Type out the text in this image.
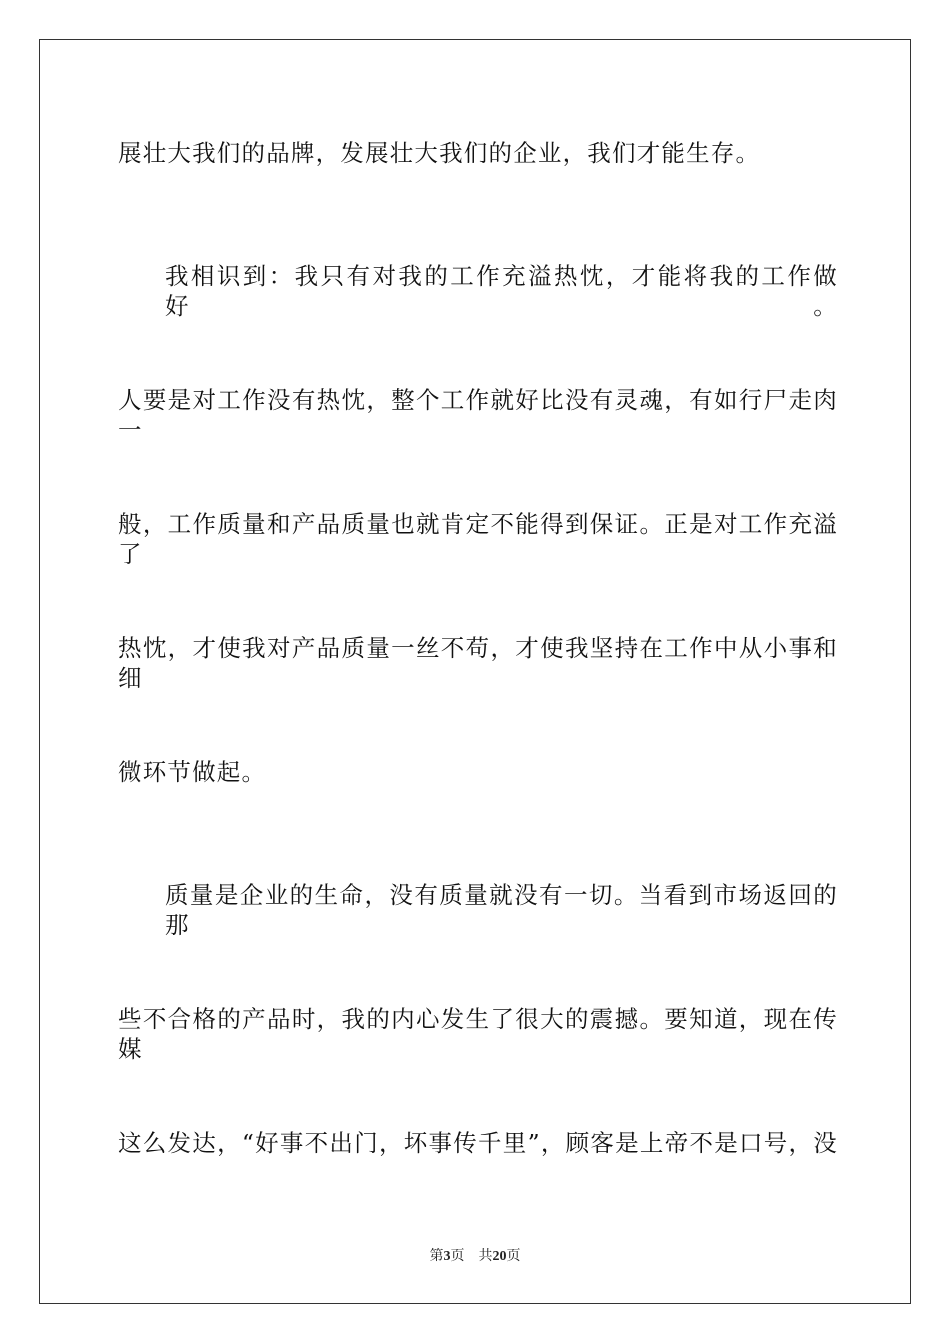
展壮大我们的品牌，发展壮大我们的企业，我们才能生存。
我相识到：我只有对我的工作充溢热忱，才能将我的工作做好。
人要是对工作没有热忱，整个工作就好比没有灵魂，有如行尸走肉一
般，工作质量和产品质量也就肯定不能得到保证。正是对工作充溢了
热忱，才使我对产品质量一丝不苟，才使我坚持在工作中从小事和细
微环节做起。
质量是企业的生命，没有质量就没有一切。当看到市场返回的那
些不合格的产品时，我的内心发生了很大的震撼。要知道，现在传媒
这么发达，“好事不出门，坏事传千里”，顾客是上帝不是口号，没
第3页 共20页
